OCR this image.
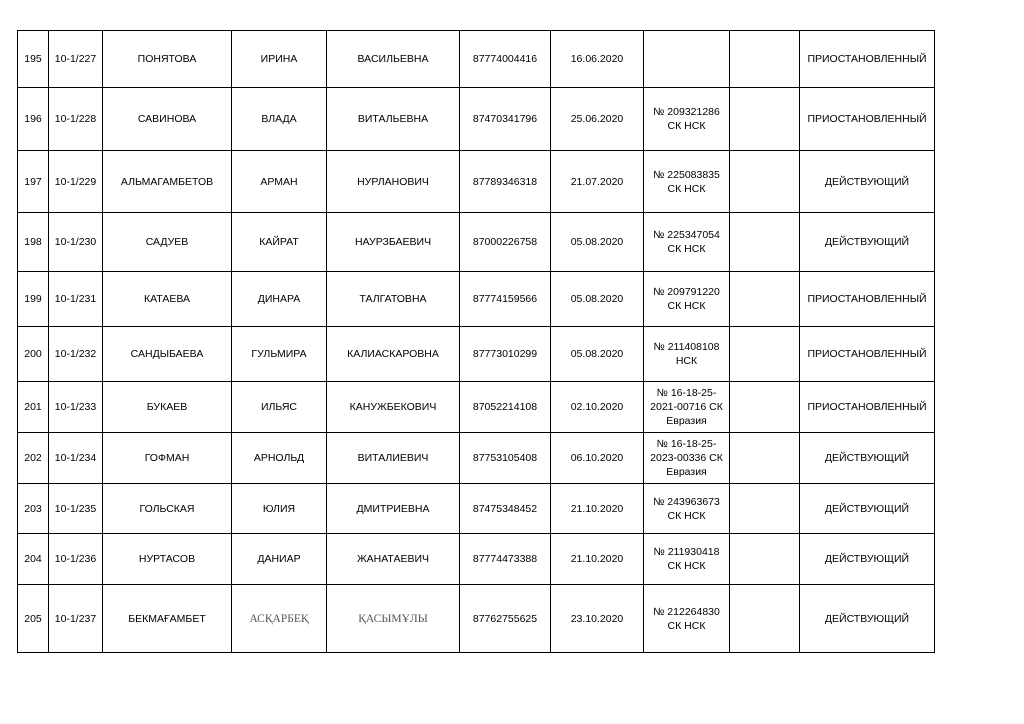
195	10-1/227	ПОНЯТОВА	ИРИНА	ВАСИЛЬЕВНА	87774004416	16.06.2020			ПРИОСТАНОВЛЕННЫЙ
196	10-1/228	САВИНОВА	ВЛАДА	ВИТАЛЬЕВНА	87470341796	25.06.2020	№ 209321286
СК НСК		ПРИОСТАНОВЛЕННЫЙ
197	10-1/229	АЛЬМАГАМБЕТОВ	АРМАН	НУРЛАНОВИЧ	87789346318	21.07.2020	№ 225083835
СК НСК		ДЕЙСТВУЮЩИЙ
198	10-1/230	САДУЕВ	КАЙРАТ	НАУРЗБАЕВИЧ	87000226758	05.08.2020	№ 225347054
СК НСК		ДЕЙСТВУЮЩИЙ
199	10-1/231	КАТАЕВА	ДИНАРА	ТАЛГАТОВНА	87774159566	05.08.2020	№ 209791220
СК НСК		ПРИОСТАНОВЛЕННЫЙ
200	10-1/232	САНДЫБАЕВА	ГУЛЬМИРА	КАЛИАСКАРОВНА	87773010299	05.08.2020	№ 211408108
НСК		ПРИОСТАНОВЛЕННЫЙ
201	10-1/233	БУКАЕВ	ИЛЬЯС	КАНУЖБЕКОВИЧ	87052214108	02.10.2020	№ 16-18-25-
2021-00716 СК
Евразия		ПРИОСТАНОВЛЕННЫЙ
202	10-1/234	ГОФМАН	АРНОЛЬД	ВИТАЛИЕВИЧ	87753105408	06.10.2020	№ 16-18-25-
2023-00336 СК
Евразия		ДЕЙСТВУЮЩИЙ
203	10-1/235	ГОЛЬСКАЯ	ЮЛИЯ	ДМИТРИЕВНА	87475348452	21.10.2020	№ 243963673
СК НСК		ДЕЙСТВУЮЩИЙ
204	10-1/236	НУРТАСОВ	ДАНИАР	ЖАНАТАЕВИЧ	87774473388	21.10.2020	№ 211930418
СК НСК		ДЕЙСТВУЮЩИЙ
205	10-1/237	БЕКМАҒАМБЕТ	АСҚАРБЕҚ	ҚАСЫМҰЛЫ	87762755625	23.10.2020	№ 212264830
СК НСК		ДЕЙСТВУЮЩИЙ
